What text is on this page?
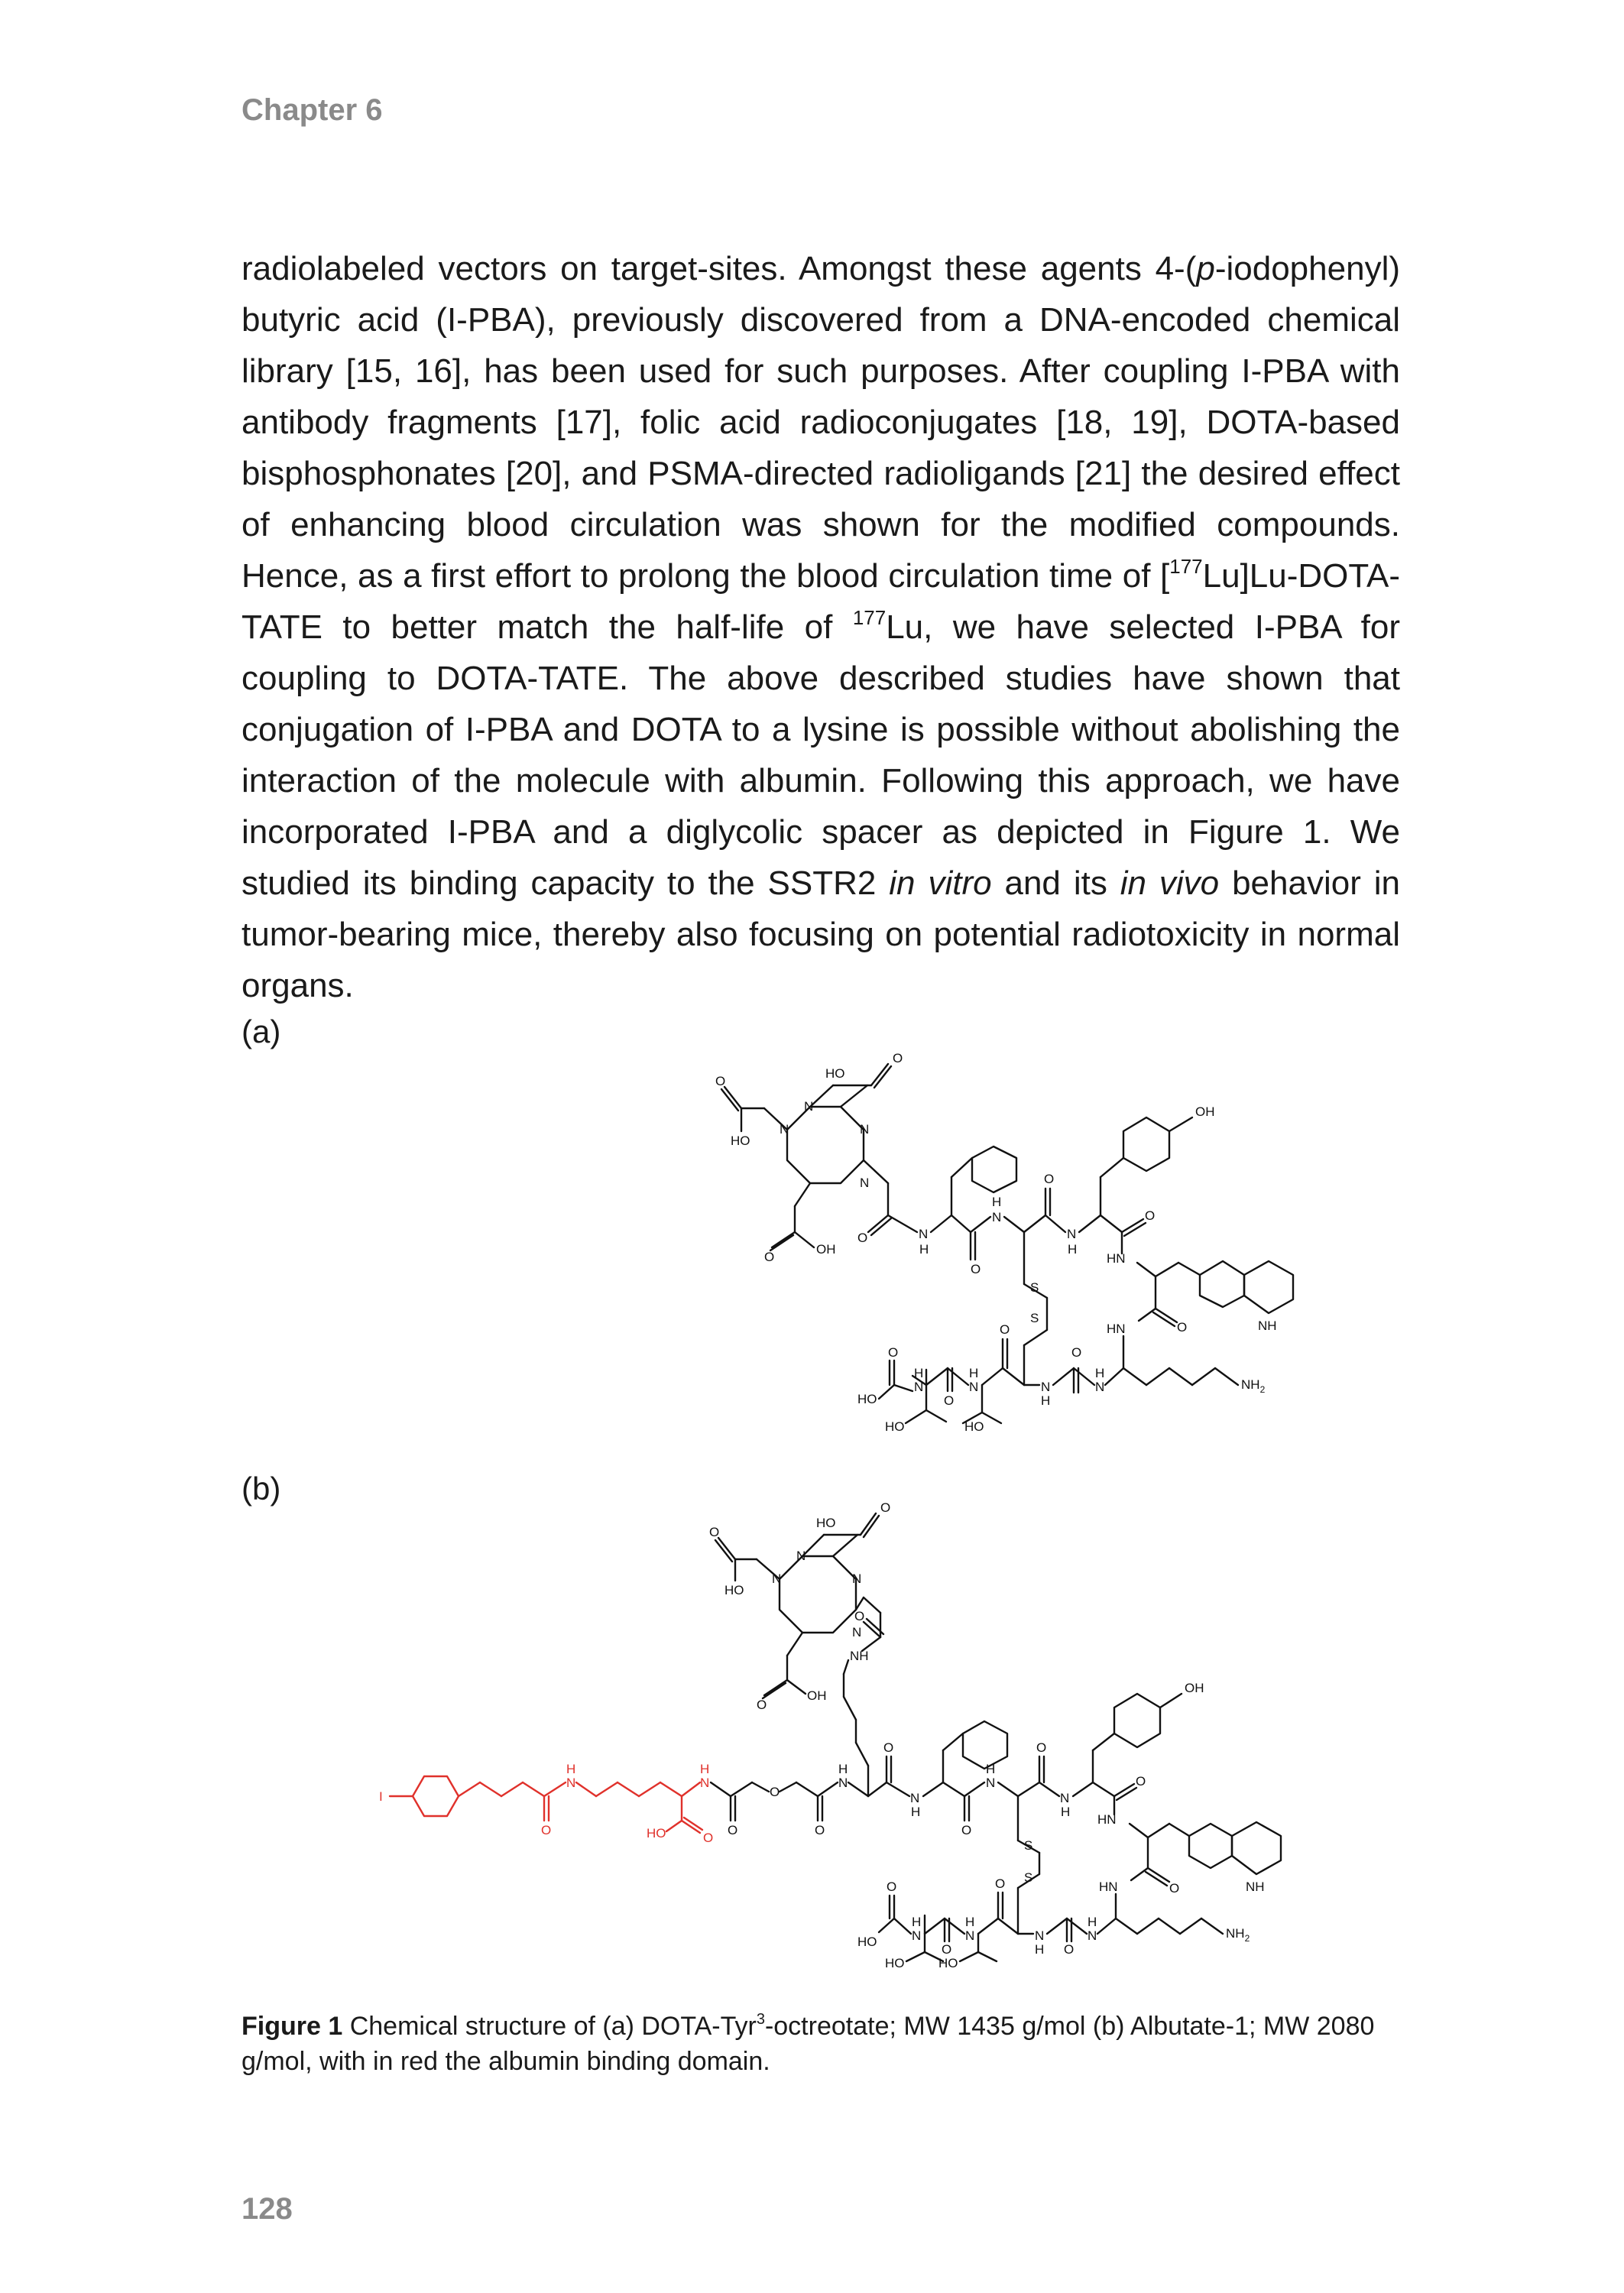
Chapter 6

radiolabeled vectors on target-sites. Amongst these agents 4-(p-iodophenyl) butyric acid (I-PBA), previously discovered from a DNA-encoded chemical library [15, 16], has been used for such purposes. After coupling I-PBA with antibody fragments [17], folic acid radioconjugates [18, 19], DOTA-based bisphosphonates [20], and PSMA-directed radioligands [21] the desired effect of enhancing blood circulation was shown for the modified compounds. Hence, as a first effort to prolong the blood circulation time of [$^{177}$Lu]Lu-DOTA-TATE to better match the half-life of $^{177}$Lu, we have selected I-PBA for coupling to DOTA-TATE. The above described studies have shown that conjugation of I-PBA and DOTA to a lysine is possible without abolishing the interaction of the molecule with albumin. Following this approach, we have incorporated I-PBA and a diglycolic spacer as depicted in Figure 1. We studied its binding capacity to the SSTR2 in vitro and its in vivo behavior in tumor-bearing mice, thereby also focusing on potential radiotoxicity in normal organs.

(a)
N
N
N
N
HO
O
O
HO
O
OH
O	N
H
O
H
N
O
N
H
OH
O
HN
NH
O
HN
$NH_2$
S
S
H
N
O
N
H
O
H
N
O
N
H
O
HO
HO	HO
(b)
I
O
H
N
H
N
HO	O
O
O
O
H
N
NH
O
N
N
N
N
HO
O
O
HO
O
OH
O
N
H
O
H
N
O
N
H
OH
O
HN
NH
O
HN
$NH_2$
S
S
H
N
O
N
H
O
H
N
O
N
H
O
HO
HO	HO

Figure 1 Chemical structure of (a) DOTA-Tyr$^3$-octreotate; MW 1435 g/mol (b) Albutate-1; MW 2080 g/mol, with in red the albumin binding domain.

128
